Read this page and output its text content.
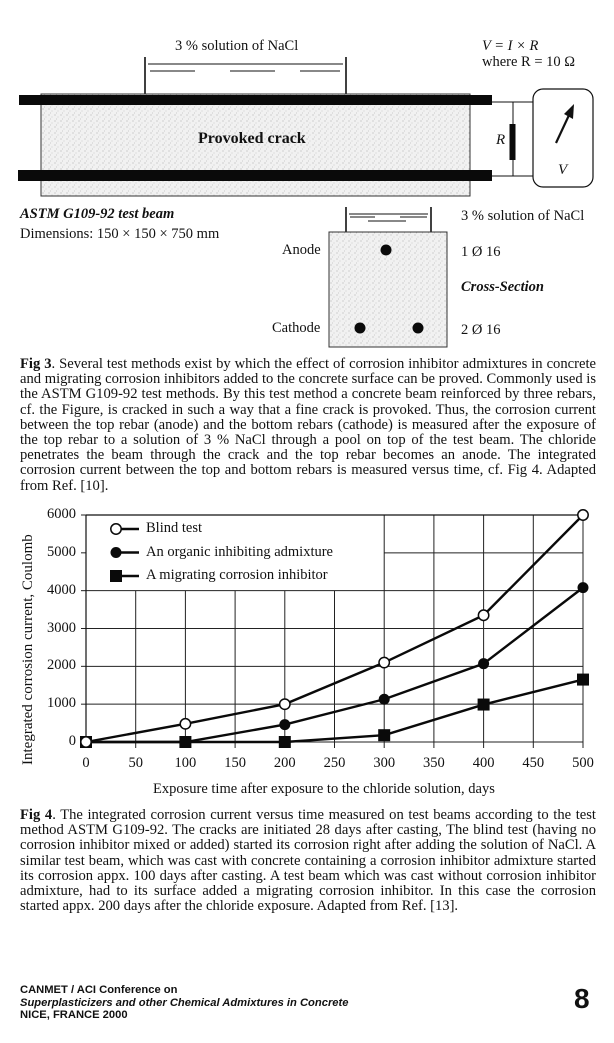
3 % solution of NaCl	V = I × R
where R = 10 Ω
Provoked crack	R
V
ASTM G109-92 test beam
Dimensions: 150 × 150 × 750 mm
Anode
Cathode
3 % solution of NaCl
1 Ø 16
Cross-Section
2 Ø 16
Fig 3. Several test methods exist by which the effect of corrosion inhibitor admixtures in concrete and migrating corrosion inhibitors added to the concrete surface can be proved. Commonly used is the ASTM G109-92 test methods. By this test method a concrete beam reinforced by three rebars, cf. the Figure, is cracked in such a way that a fine crack is provoked. Thus, the corrosion current between the top rebar (anode) and the bottom rebars (cathode) is measured after the exposure of the top rebar to a solution of 3 % NaCl through a pool on top of the test beam. The chloride penetrates the beam through the crack and the top rebar becomes an anode. The integrated corrosion current between the top and bottom rebars is measured versus time, cf. Fig 4. Adapted from Ref. [10].
Integrated corrosion current, Coulomb 0
1000
2000
3000
4000
5000
6000
0	50	100	150	200	250	300	350	400	450	500
Exposure time after exposure to the chloride solution, days
Blind test
An organic inhibiting admixture
A migrating corrosion inhibitor
Fig 4. The integrated corrosion current versus time measured on test beams according to the test method ASTM G109-92. The cracks are initiated 28 days after casting, The blind test (having no corrosion inhibitor mixed or added) started its corrosion right after adding the solution of NaCl. A similar test beam, which was cast with concrete containing a corrosion inhibitor admixture started its corrosion appx. 100 days after casting. A test beam which was cast without corrosion inhibitor admixture, had to its surface added a migrating corrosion inhibitor. In this case the corrosion started appx. 200 days after the chloride exposure. Adapted from Ref. [13].
CANMET / ACI Conference on
Superplasticizers and other Chemical Admixtures in Concrete
NICE, FRANCE 2000
8
